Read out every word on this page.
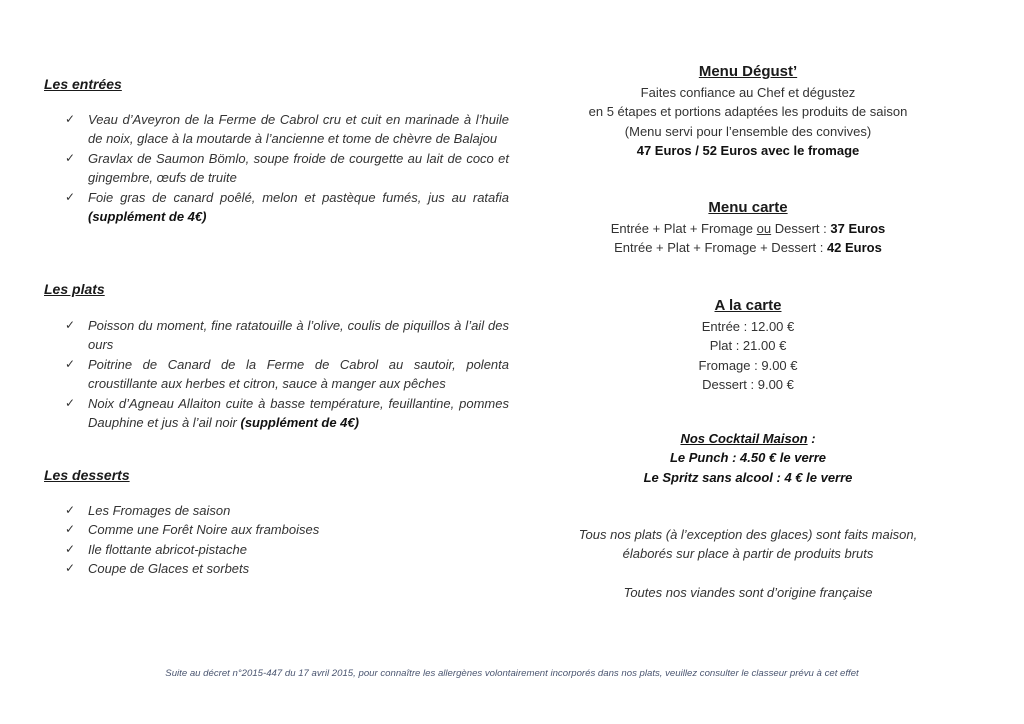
Les entrées
✓ Veau d’Aveyron de la Ferme de Cabrol cru et cuit en marinade à l’huile de noix, glace à la moutarde à l’ancienne et tome de chèvre de Balajou
✓ Gravlax de Saumon Bömlo, soupe froide de courgette au lait de coco et gingembre, œufs de truite
✓ Foie gras de canard poêlé, melon et pastèque fumés, jus au ratafia (supplément de 4€)
Les plats
✓ Poisson du moment, fine ratatouille à l’olive, coulis de piquillos à l’ail des ours
✓ Poitrine de Canard de la Ferme de Cabrol au sautoir, polenta croustillante aux herbes et citron, sauce à manger aux pêches
✓ Noix d’Agneau Allaiton cuite à basse température, feuillantine, pommes Dauphine et jus à l’ail noir (supplément de 4€)
Les desserts
✓ Les Fromages de saison
✓ Comme une Forêt Noire aux framboises
✓ Ile flottante abricot-pistache
✓ Coupe de Glaces et sorbets
Menu Dégust’
Faites confiance au Chef et dégustez
en 5 étapes et portions adaptées les produits de saison
(Menu servi pour l’ensemble des convives)
47 Euros / 52 Euros avec le fromage
Menu carte
Entrée + Plat + Fromage ou Dessert : 37 Euros
Entrée + Plat + Fromage + Dessert : 42 Euros
A la carte
Entrée : 12.00 €
Plat : 21.00 €
Fromage : 9.00 €
Dessert : 9.00 €
Nos Cocktail Maison :
Le Punch : 4.50 € le verre
Le Spritz sans alcool : 4 € le verre
Tous nos plats (à l’exception des glaces) sont faits maison,
élaborés sur place à partir de produits bruts
Toutes nos viandes sont d’origine française
Suite au décret n°2015-447 du 17 avril 2015, pour connaître les allergènes volontairement incorporés dans nos plats, veuillez consulter le classeur prévu à cet effet
